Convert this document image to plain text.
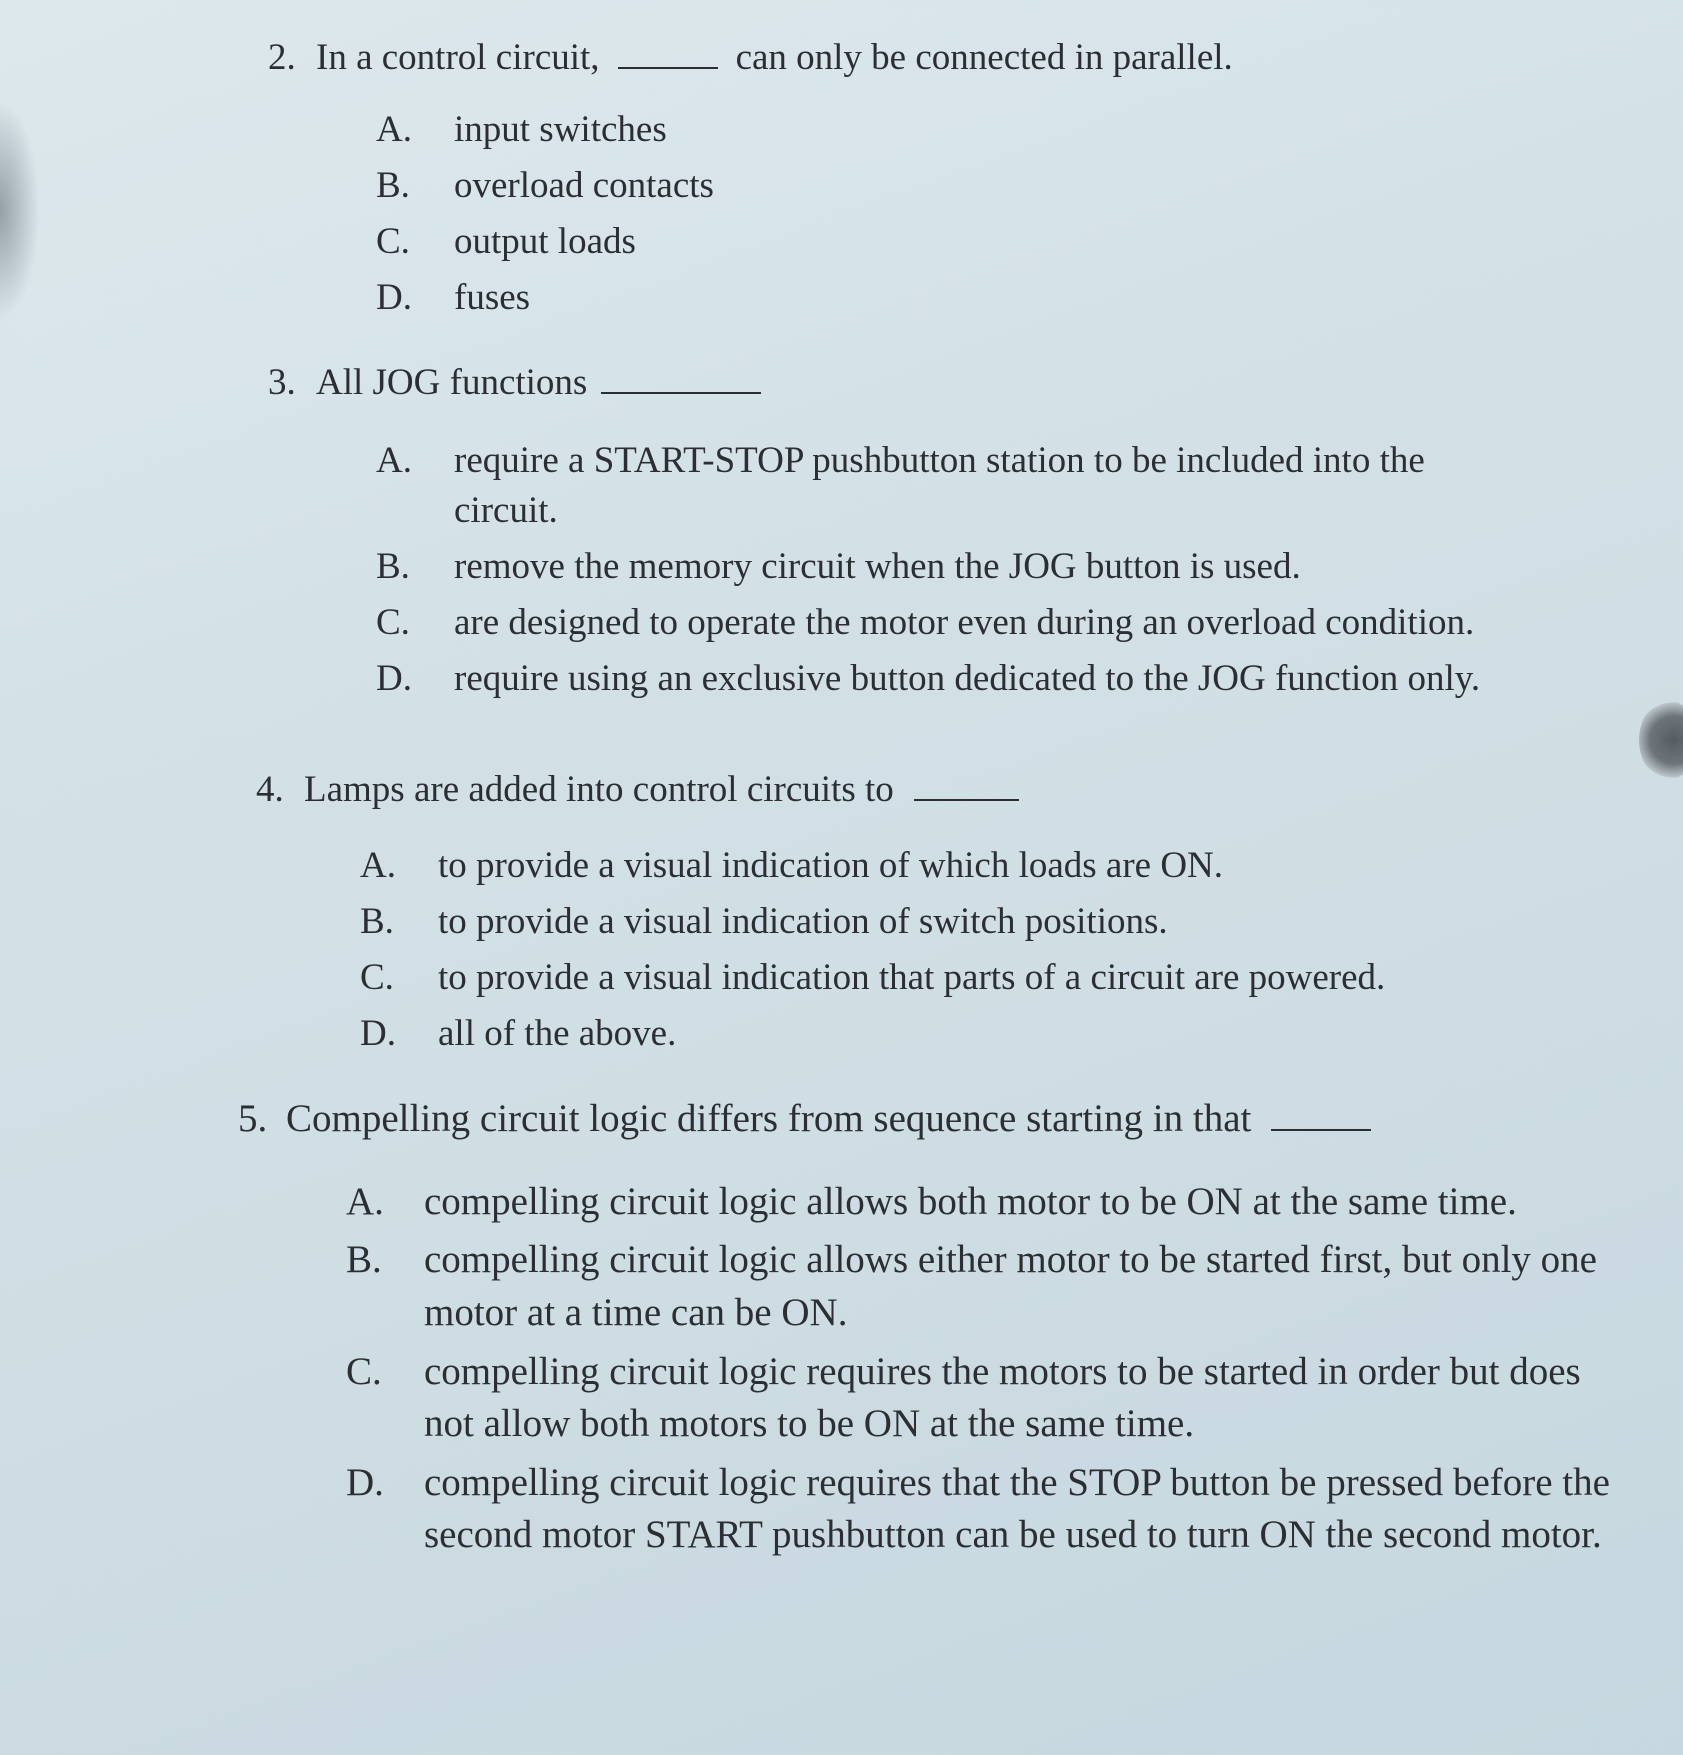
2. In a control circuit,	can only be connected in parallel.
A.	input switches
B.	overload contacts
C.	output loads
D.	fuses
3. All JOG functions
A.	require a START-STOP pushbutton station to be included into the circuit.
B.	remove the memory circuit when the JOG button is used.
C.	are designed to operate the motor even during an overload condition.
D.	require using an exclusive button dedicated to the JOG function only.
4. Lamps are added into control circuits to
A.	to provide a visual indication of which loads are ON.
B.	to provide a visual indication of switch positions.
C.	to provide a visual indication that parts of a circuit are powered.
D.	all of the above.
5. Compelling circuit logic differs from sequence starting in that
A.	compelling circuit logic allows both motor to be ON at the same time.
B.	compelling circuit logic allows either motor to be started first, but only one motor at a time can be ON.
C.	compelling circuit logic requires the motors to be started in order but does not allow both motors to be ON at the same time.
D.	compelling circuit logic requires that the STOP button be pressed before the second motor START pushbutton can be used to turn ON the second motor.
